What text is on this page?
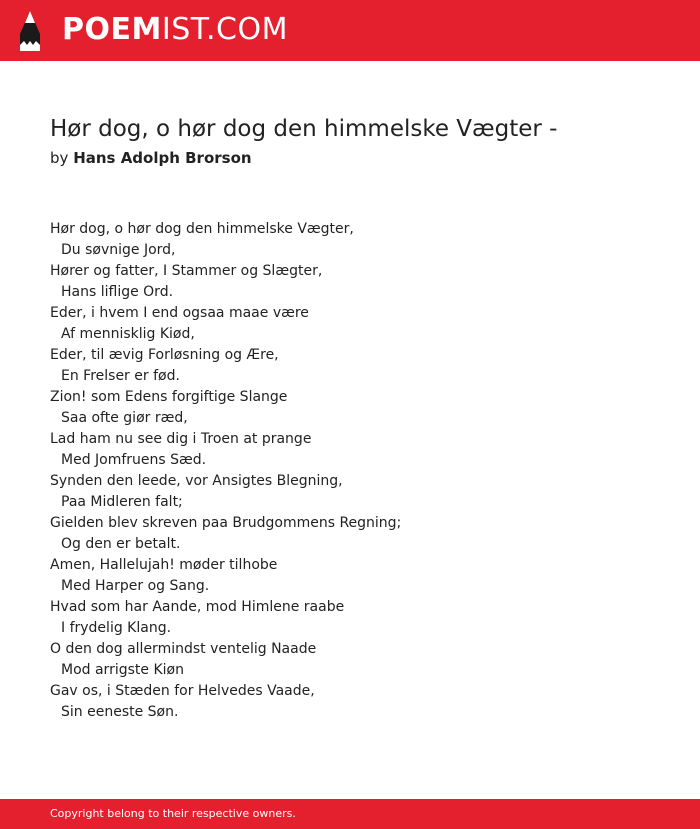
POEMIST.COM
Hør dog, o hør dog den himmelske Vægter -
by Hans Adolph Brorson
Hør dog, o hør dog den himmelske Vægter,
Du søvnige Jord,
Hører og fatter, I Stammer og Slægter,
Hans liflige Ord.
Eder, i hvem I end ogsaa maae være
Af mennisklig Kiød,
Eder, til ævig Forløsning og Ære,
En Frelser er fød.
Zion! som Edens forgiftige Slange
Saa ofte giør ræd,
Lad ham nu see dig i Troen at prange
Med Jomfruens Sæd.
Synden den leede, vor Ansigtes Blegning,
Paa Midleren falt;
Gielden blev skreven paa Brudgommens Regning;
Og den er betalt.
Amen, Hallelujah! møder tilhobe
Med Harper og Sang.
Hvad som har Aande, mod Himlene raabe
I frydelig Klang.
O den dog allermindst ventelig Naade
Mod arrigste Kiøn
Gav os, i Stæden for Helvedes Vaade,
Sin eeneste Søn.
Copyright belong to their respective owners.
